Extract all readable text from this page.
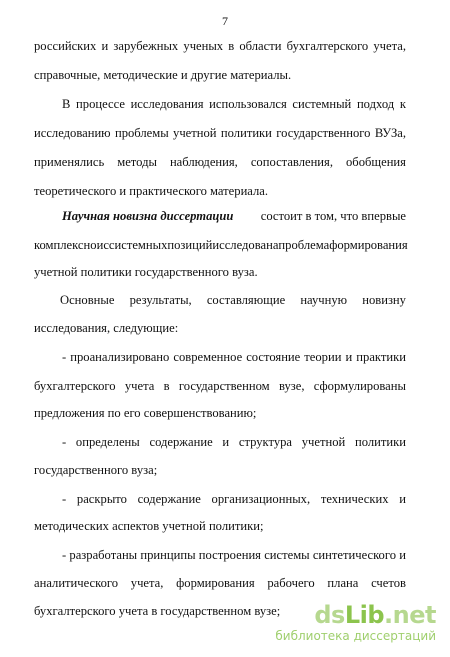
7
российских и зарубежных ученых в области бухгалтерского учета,
справочные, методические и другие материалы.
В процессе исследования использовался системный подход к
исследованию проблемы учетной политики государственного ВУЗа,
применялись методы наблюдения, сопоставления, обобщения
теоретического и практического материала.
Научная новизна диссертации состоит в том, что впервые
комплексно и с системных позиций исследована проблема формирования
учетной политики государственного вуза.
Основные результаты, составляющие научную новизну
исследования, следующие:
- проанализировано современное состояние теории и практики
бухгалтерского учета в государственном вузе, сформулированы
предложения по его совершенствованию;
- определены содержание и структура учетной политики
государственного вуза;
- раскрыто содержание организационных, технических и
методических аспектов учетной политики;
- разработаны принципы построения системы синтетического и
аналитического учета, формирования рабочего плана счетов
бухгалтерского учета в государственном вузе;	dsLib.net
библиотека диссертаций
